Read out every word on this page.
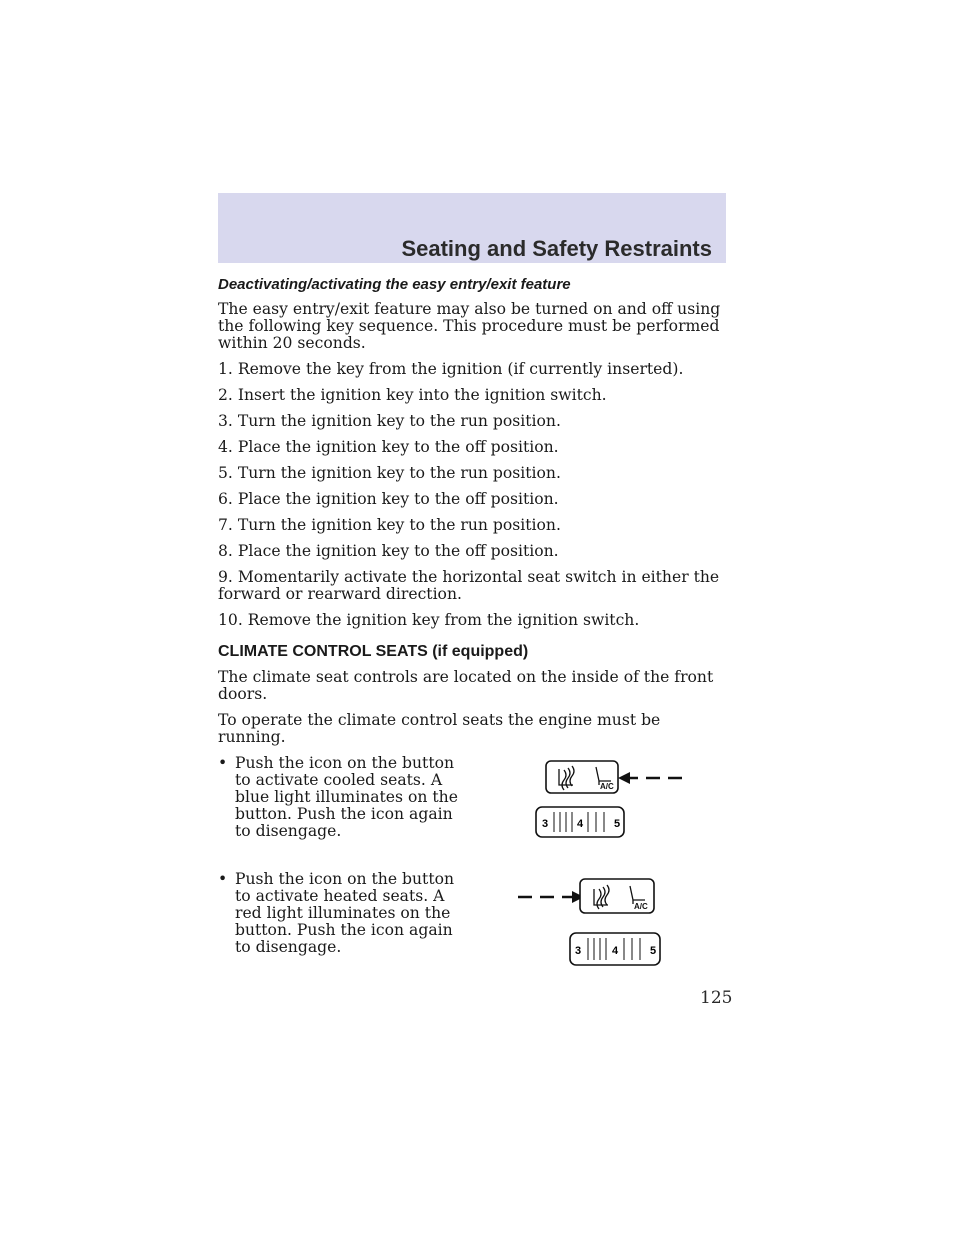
Seating and Safety Restraints
Deactivating/activating the easy entry/exit feature

The easy entry/exit feature may also be turned on and off using the following key sequence. This procedure must be performed within 20 seconds.

1. Remove the key from the ignition (if currently inserted).

2. Insert the ignition key into the ignition switch.

3. Turn the ignition key to the run position.

4. Place the ignition key to the off position.

5. Turn the ignition key to the run position.

6. Place the ignition key to the off position.

7. Turn the ignition key to the run position.

8. Place the ignition key to the off position.

9. Momentarily activate the horizontal seat switch in either the forward or rearward direction.

10. Remove the ignition key from the ignition switch.

CLIMATE CONTROL SEATS (if equipped)

The climate seat controls are located on the inside of the front doors.

To operate the climate control seats the engine must be running.

• Push the icon on the button to activate cooled seats. A blue light illuminates on the button. Push the icon again to disengage.
A/C
3	4	5
• Push the icon on the button to activate heated seats. A red light illuminates on the button. Push the icon again to disengage.
A/C
3	4	5
125
